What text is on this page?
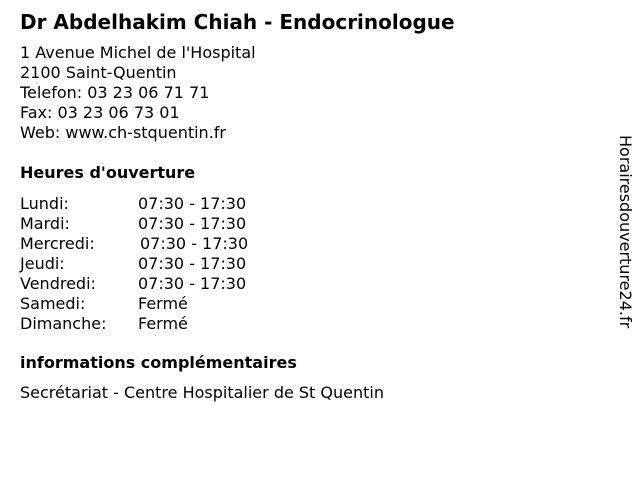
Dr Abdelhakim Chiah - Endocrinologue
1 Avenue Michel de l'Hospital
2100 Saint-Quentin
Telefon: 03 23 06 71 71
Fax: 03 23 06 73 01
Web: www.ch-stquentin.fr
Heures d'ouverture
Lundi:	07:30 - 17:30
Mardi:	07:30 - 17:30
Mercredi:	07:30 - 17:30
Jeudi:	07:30 - 17:30
Vendredi:	07:30 - 17:30
Samedi:	Fermé
Dimanche: Fermé
informations complémentaires
Secrétariat - Centre Hospitalier de St Quentin
Horairesdouverture24.fr
